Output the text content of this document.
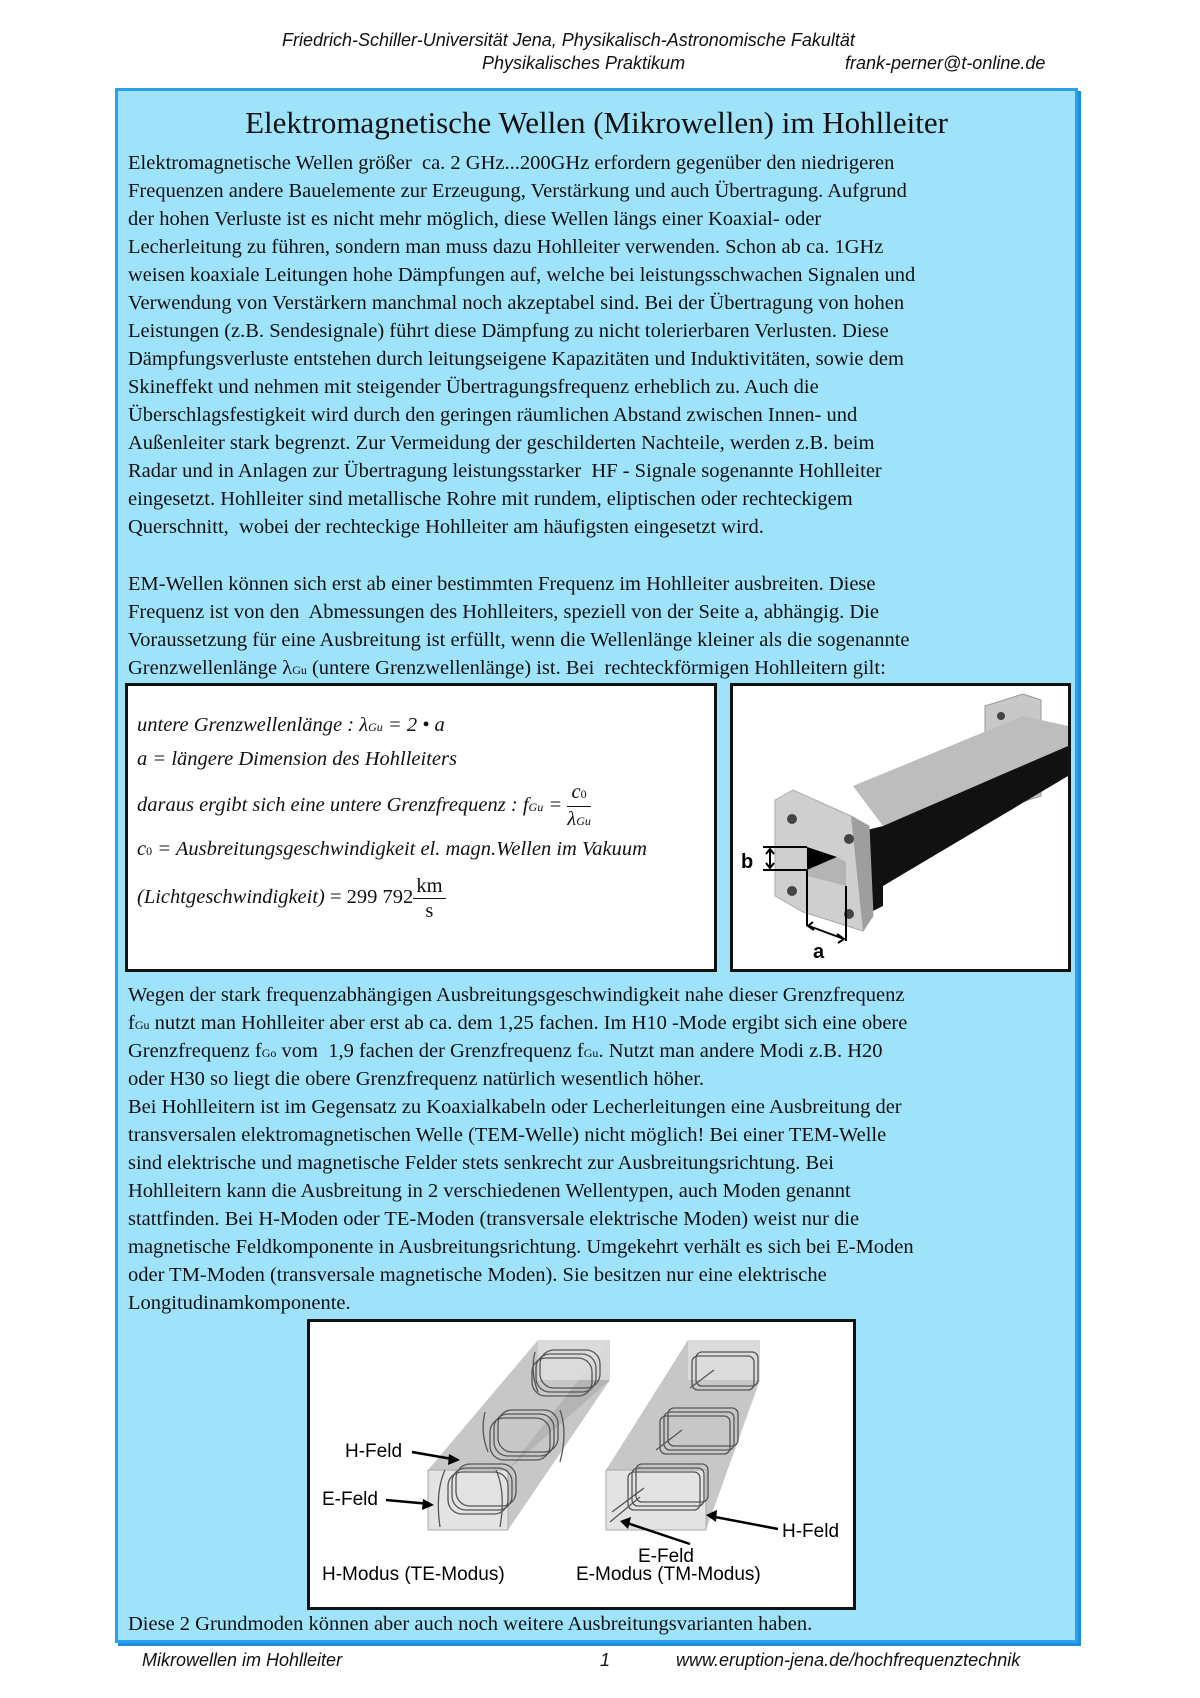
Friedrich-Schiller-Universität Jena, Physikalisch-Astronomische Fakultät
Physikalisches Praktikum	frank-perner@t-online.de
Elektromagnetische Wellen (Mikrowellen) im Hohlleiter
Elektromagnetische Wellen größer  ca. 2 GHz...200GHz erfordern gegenüber den niedrigeren
Frequenzen andere Bauelemente zur Erzeugung, Verstärkung und auch Übertragung. Aufgrund
der hohen Verluste ist es nicht mehr möglich, diese Wellen längs einer Koaxial- oder
Lecherleitung zu führen, sondern man muss dazu Hohlleiter verwenden. Schon ab ca. 1GHz
weisen koaxiale Leitungen hohe Dämpfungen auf, welche bei leistungsschwachen Signalen und
Verwendung von Verstärkern manchmal noch akzeptabel sind. Bei der Übertragung von hohen
Leistungen (z.B. Sendesignale) führt diese Dämpfung zu nicht tolerierbaren Verlusten. Diese
Dämpfungsverluste entstehen durch leitungseigene Kapazitäten und Induktivitäten, sowie dem
Skineffekt und nehmen mit steigender Übertragungsfrequenz erheblich zu. Auch die
Überschlagsfestigkeit wird durch den geringen räumlichen Abstand zwischen Innen- und
Außenleiter stark begrenzt. Zur Vermeidung der geschilderten Nachteile, werden z.B. beim
Radar und in Anlagen zur Übertragung leistungsstarker  HF - Signale sogenannte Hohlleiter
eingesetzt. Hohlleiter sind metallische Rohre mit rundem, eliptischen oder rechteckigem
Querschnitt,  wobei der rechteckige Hohlleiter am häufigsten eingesetzt wird.
EM-Wellen können sich erst ab einer bestimmten Frequenz im Hohlleiter ausbreiten. Diese
Frequenz ist von den  Abmessungen des Hohlleiters, speziell von der Seite a, abhängig. Die
Voraussetzung für eine Ausbreitung ist erfüllt, wenn die Wellenlänge kleiner als die sogenannte
Grenzwellenlänge λGu (untere Grenzwellenlänge) ist. Bei  rechteckförmigen Hohlleitern gilt:
untere Grenzwellenlänge : λGu = 2 • a
a = längere Dimension des Hohlleiters
daraus ergibt sich eine untere Grenzfrequenz : fGu = $\frac{c0}{\text{λGu}}$
c0 = Ausbreitungsgeschwindigkeit el. magn.Wellen im Vakuum
(Lichtgeschwindigkeit) = 299 $792 \frac{km}{s}$
b
a
Wegen der stark frequenzabhängigen Ausbreitungsgeschwindigkeit nahe dieser Grenzfrequenz
fGu nutzt man Hohlleiter aber erst ab ca. dem 1,25 fachen. Im H10 -Mode ergibt sich eine obere
Grenzfrequenz fGo vom  1,9 fachen der Grenzfrequenz fGu. Nutzt man andere Modi z.B. H20
oder H30 so liegt die obere Grenzfrequenz natürlich wesentlich höher.
Bei Hohlleitern ist im Gegensatz zu Koaxialkabeln oder Lecherleitungen eine Ausbreitung der
transversalen elektromagnetischen Welle (TEM-Welle) nicht möglich! Bei einer TEM-Welle
sind elektrische und magnetische Felder stets senkrecht zur Ausbreitungsrichtung. Bei
Hohlleitern kann die Ausbreitung in 2 verschiedenen Wellentypen, auch Moden genannt
stattfinden. Bei H-Moden oder TE-Moden (transversale elektrische Moden) weist nur die
magnetische Feldkomponente in Ausbreitungsrichtung. Umgekehrt verhält es sich bei E-Moden
oder TM-Moden (transversale magnetische Moden). Sie besitzen nur eine elektrische
Longitudinamkomponente.
H-Feld
E-Feld
H-Modus (TE-Modus)
H-Feld
E-Feld
E-Modus (TM-Modus)
Diese 2 Grundmoden können aber auch noch weitere Ausbreitungsvarianten haben.
Mikrowellen im Hohlleiter	1	www.eruption-jena.de/hochfrequenztechnik
